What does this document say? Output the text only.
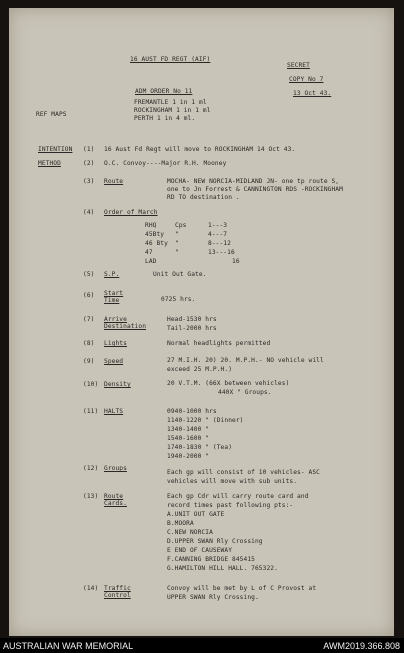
16 AUST FD REGT (AIF)
SECRET
COPY No 7
ADM ORDER No 11	13 Oct 43.
REF MAPS
FREMANTLE 1 in 1 ml
ROCKINGHAM 1 in 1 ml
PERTH 1 in 4 ml.
INTENTION (1) 16 Aust Fd Regt will move to ROCKINGHAM 14 Oct 43.
METHOD	(2) O.C. Convoy----Major R.H. Mooney
(3) Route	MOCHA- NEW NORCIA-MIDLAND JN- one tp route S,
one to Jn Forrest & CANNINGTON RDS -ROCKINGHAM
RD TO destination .
(4) Order of March
RHQ	Cps	1---3
45Bty "	4---7
46 Bty "	8---12
47	"	13---16
LAD	16
(5) S.P.	Unit Out Gate.
(6) Start Time	0725 hrs.
(7) Arrive Destination
Head-1530 hrs
Tail-2000 hrs
(8) Lights	Normal headlights permitted
(9) Speed	27 M.I.H. 20) 20. M.P.H.- NO vehicle will
exceed 25 M.P.H.)
(10) Density	20 V.T.M. (66X between vehicles)
440X " Groups.
(11) HALTS	0940-1000 hrs
1140-1220 " (Dinner)
1340-1400 "
1540-1600 "
1740-1830 " (Tea)
1940-2000 "
(12) Groups
Each gp will consist of 10 vehicles- ASC
vehicles will move with sub units.
(13) Route Cards.
Each gp Cdr will carry route card and
record times past following pts:-
A.UNIT OUT GATE
B.MOORA
C.NEW NORCIA
D.UPPER SWAN Rly Crossing
E END OF CAUSEWAY
F.CANNING BRIDGE 845415
G.HAMILTON HILL HALL. 765322.
(14) Traffic Control
Convoy will be met by L of C Provost at
UPPER SWAN Rly Crossing.
AUSTRALIAN WAR MEMORIAL	AWM2019.366.808
